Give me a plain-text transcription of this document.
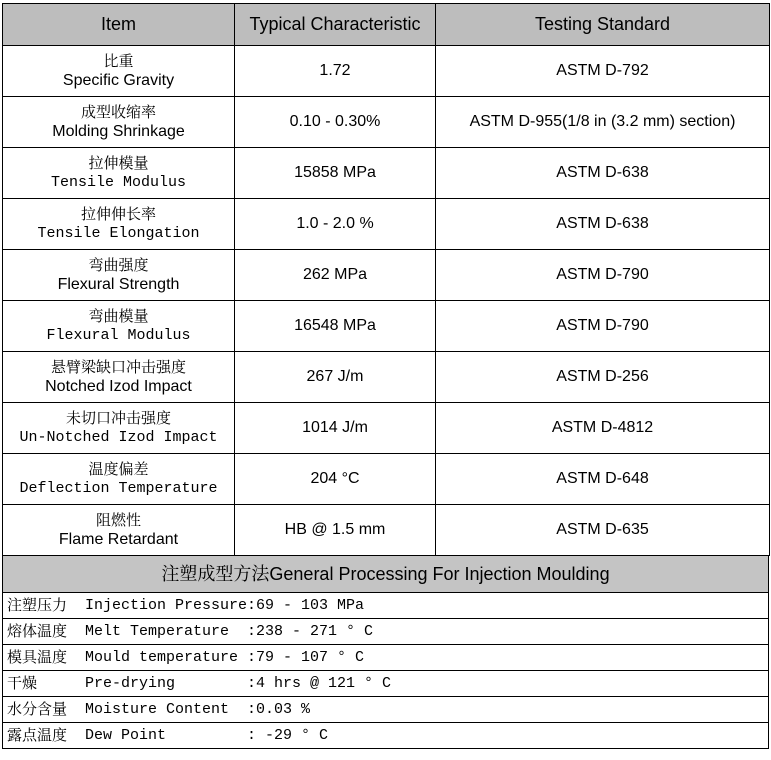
Item	Typical Characteristic	Testing Standard

比重
Specific Gravity	1.72	ASTM D-792

成型收缩率
Molding Shrinkage	0.10 - 0.30%	ASTM D-955(1/8 in (3.2 mm) section)

拉伸模量
Tensile Modulus	15858 MPa	ASTM D-638

拉伸伸长率
Tensile Elongation	1.0 - 2.0 %	ASTM D-638

弯曲强度
Flexural Strength	262 MPa	ASTM D-790

弯曲模量
Flexural Modulus	16548 MPa	ASTM D-790

悬臂梁缺口冲击强度
Notched Izod Impact	267 J/m	ASTM D-256

未切口冲击强度
Un-Notched Izod Impact	1014 J/m	ASTM D-4812

温度偏差
Deflection Temperature	204 °C	ASTM D-648

阻燃性
Flame Retardant	HB @ 1.5 mm	ASTM D-635
注塑成型方法General Processing For Injection Moulding
注塑压力 Injection Pressure :69 - 103 MPa
熔体温度 Melt Temperature :238 - 271 ° C
模具温度 Mould temperature :79 - 107 ° C
干燥	Pre-drying	:4 hrs @ 121 ° C
水分含量 Moisture Content :0.03 %
露点温度 Dew Point	: -29 ° C
